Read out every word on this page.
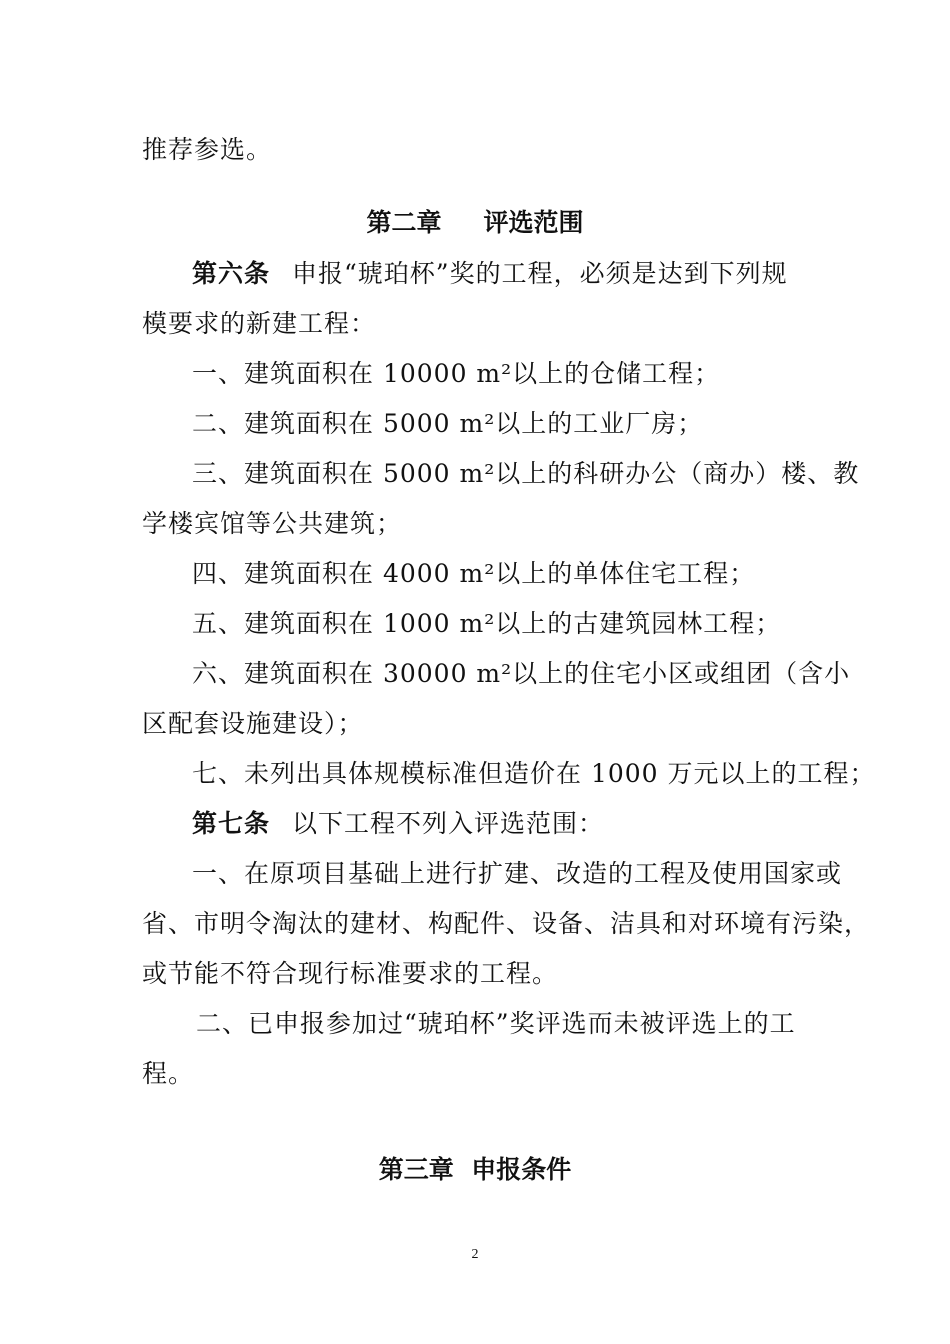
推荐参选。
第二章 评选范围
第六条 申报“琥珀杯”奖的工程，必须是达到下列规
模要求的新建工程：
一、建筑面积在 10000 m²以上的仓储工程；
二、建筑面积在 5000 m²以上的工业厂房；
三、建筑面积在 5000 m²以上的科研办公（商办）楼、教
学楼宾馆等公共建筑；
四、建筑面积在 4000 m²以上的单体住宅工程；
五、建筑面积在 1000 m²以上的古建筑园林工程；
六、建筑面积在 30000 m²以上的住宅小区或组团（含小
区配套设施建设）；
七、未列出具体规模标准但造价在 1000 万元以上的工程；
第七条 以下工程不列入评选范围：
一、在原项目基础上进行扩建、改造的工程及使用国家或
省、市明令淘汰的建材、构配件、设备、洁具和对环境有污染，
或节能不符合现行标准要求的工程。
二、已申报参加过“琥珀杯”奖评选而未被评选上的工
程。
第三章  申报条件
2
